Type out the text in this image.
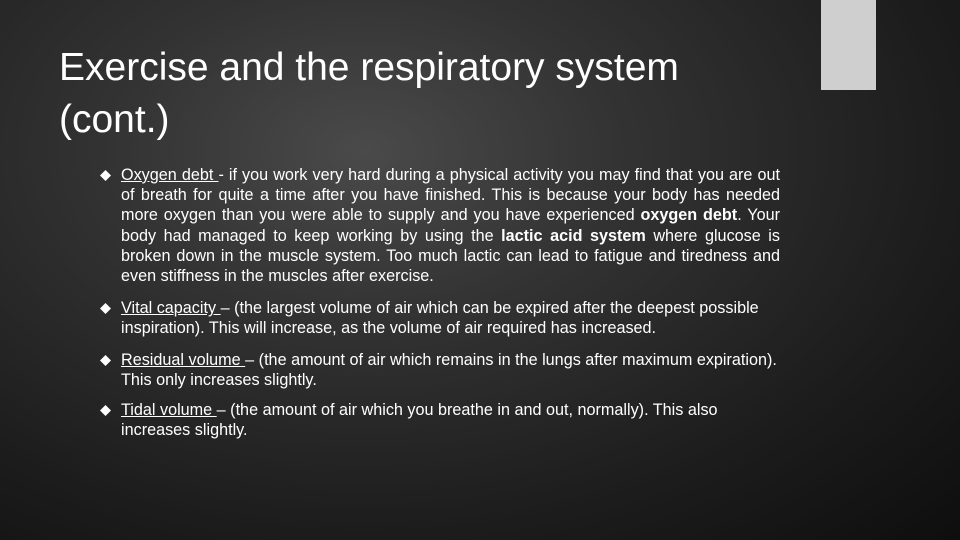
Exercise and the respiratory system
(cont.)
Oxygen debt - if you work very hard during a physical activity you may find that you are out of breath for quite a time after you have finished. This is because your body has needed more oxygen than you were able to supply and you have experienced oxygen debt. Your body had managed to keep working by using the lactic acid system where glucose is broken down in the muscle system. Too much lactic can lead to fatigue and tiredness and even stiffness in the muscles after exercise.
Vital capacity – (the largest volume of air which can be expired after the deepest possible inspiration). This will increase, as the volume of air required has increased.
Residual volume – (the amount of air which remains in the lungs after maximum expiration). This only increases slightly.
Tidal volume – (the amount of air which you breathe in and out, normally). This also increases slightly.
